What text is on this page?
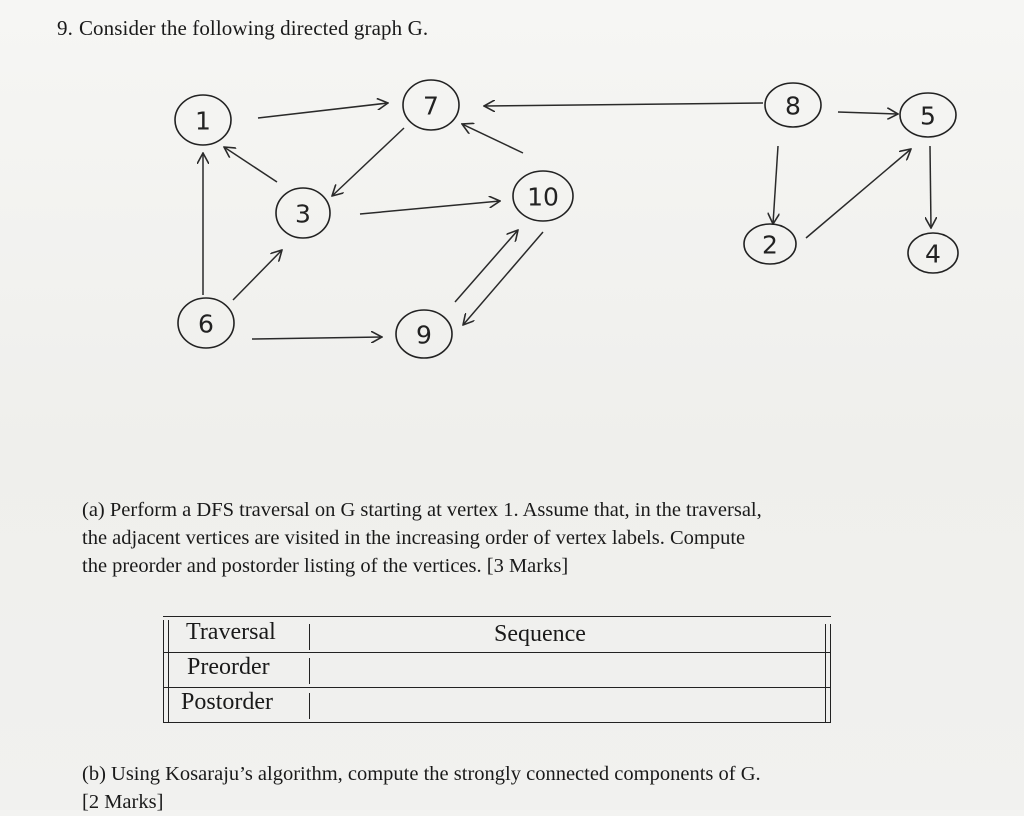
9. Consider the following directed graph G.
1
7	8	5
3
10
2	4
6	9
(a) Perform a DFS traversal on G starting at vertex 1. Assume that, in the traversal,
the adjacent vertices are visited in the increasing order of vertex labels. Compute
the preorder and postorder listing of the vertices. [3 Marks]
Traversal	Sequence
Preorder
Postorder
(b) Using Kosaraju’s algorithm, compute the strongly connected components of G.
[2 Marks]
